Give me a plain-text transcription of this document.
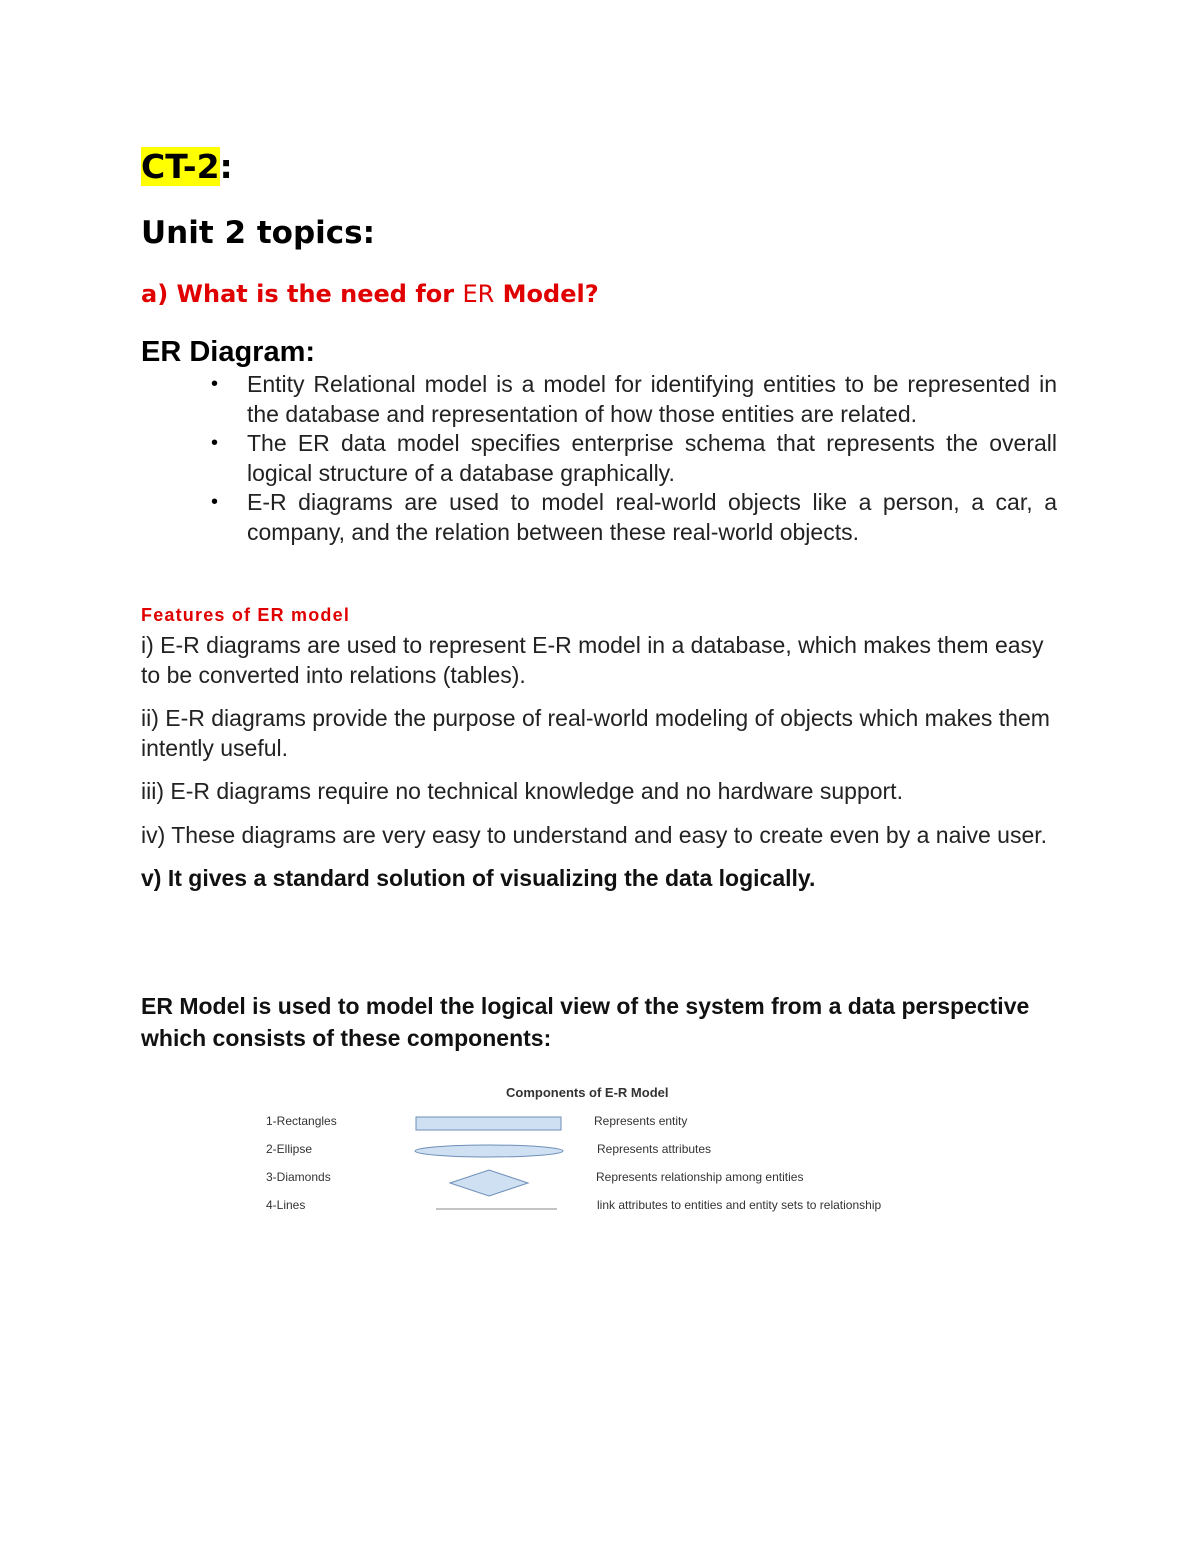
CT-2:
Unit 2 topics:
a) What is the need for ER Model?
ER Diagram:
• Entity Relational model is a model for identifying entities to be represented in the database and representation of how those entities are related.
• The ER data model specifies enterprise schema that represents the overall logical structure of a database graphically.
• E-R diagrams are used to model real-world objects like a person, a car, a company, and the relation between these real-world objects.
Features of ER model

i) E-R diagrams are used to represent E-R model in a database, which makes them easy to be converted into relations (tables).

ii) E-R diagrams provide the purpose of real-world modeling of objects which makes them intently useful.

iii) E-R diagrams require no technical knowledge and no hardware support.

iv) These diagrams are very easy to understand and easy to create even by a naive user.

v) It gives a standard solution of visualizing the data logically.

ER Model is used to model the logical view of the system from a data perspective which consists of these components:

Components of E-R Model
1-Rectangles
2-Ellipse
3-Diamonds
4-Lines
Represents entity
Represents attributes
Represents relationship among entities
link attributes to entities and entity sets to relationship
